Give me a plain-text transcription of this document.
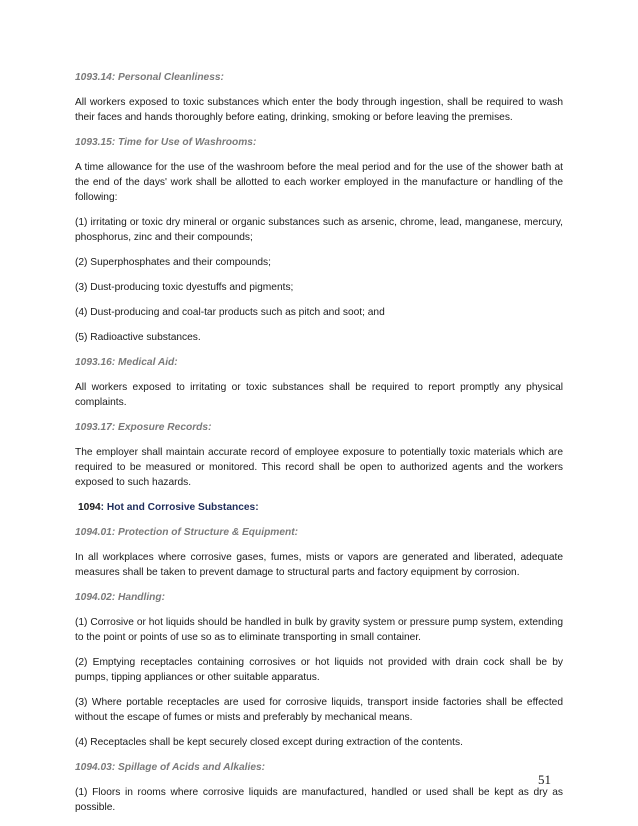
1093.14: Personal Cleanliness:
All workers exposed to toxic substances which enter the body through ingestion, shall be required to wash their faces and hands thoroughly before eating, drinking, smoking or before leaving the premises.
1093.15: Time for Use of Washrooms:
A time allowance for the use of the washroom before the meal period and for the use of the shower bath at the end of the days' work shall be allotted to each worker employed in the manufacture or handling of the following:
(1) irritating or toxic dry mineral or organic substances such as arsenic, chrome, lead, manganese, mercury, phosphorus, zinc and their compounds;
(2) Superphosphates and their compounds;
(3) Dust-producing toxic dyestuffs and pigments;
(4) Dust-producing and coal-tar products such as pitch and soot; and
(5) Radioactive substances.
1093.16: Medical Aid:
All workers exposed to irritating or toxic substances shall be required to report promptly any physical complaints.
1093.17: Exposure Records:
The employer shall maintain accurate record of employee exposure to potentially toxic materials which are required to be measured or monitored. This record shall be open to authorized agents and the workers exposed to such hazards.
1094: Hot and Corrosive Substances:
1094.01: Protection of Structure & Equipment:
In all workplaces where corrosive gases, fumes, mists or vapors are generated and liberated, adequate measures shall be taken to prevent damage to structural parts and factory equipment by corrosion.
1094.02: Handling:
(1) Corrosive or hot liquids should be handled in bulk by gravity system or pressure pump system, extending to the point or points of use so as to eliminate transporting in small container.
(2) Emptying receptacles containing corrosives or hot liquids not provided with drain cock shall be by pumps, tipping appliances or other suitable apparatus.
(3) Where portable receptacles are used for corrosive liquids, transport inside factories shall be effected without the escape of fumes or mists and preferably by mechanical means.
(4) Receptacles shall be kept securely closed except during extraction of the contents.
1094.03: Spillage of Acids and Alkalies:
(1) Floors in rooms where corrosive liquids are manufactured, handled or used shall be kept as dry as possible.
51
